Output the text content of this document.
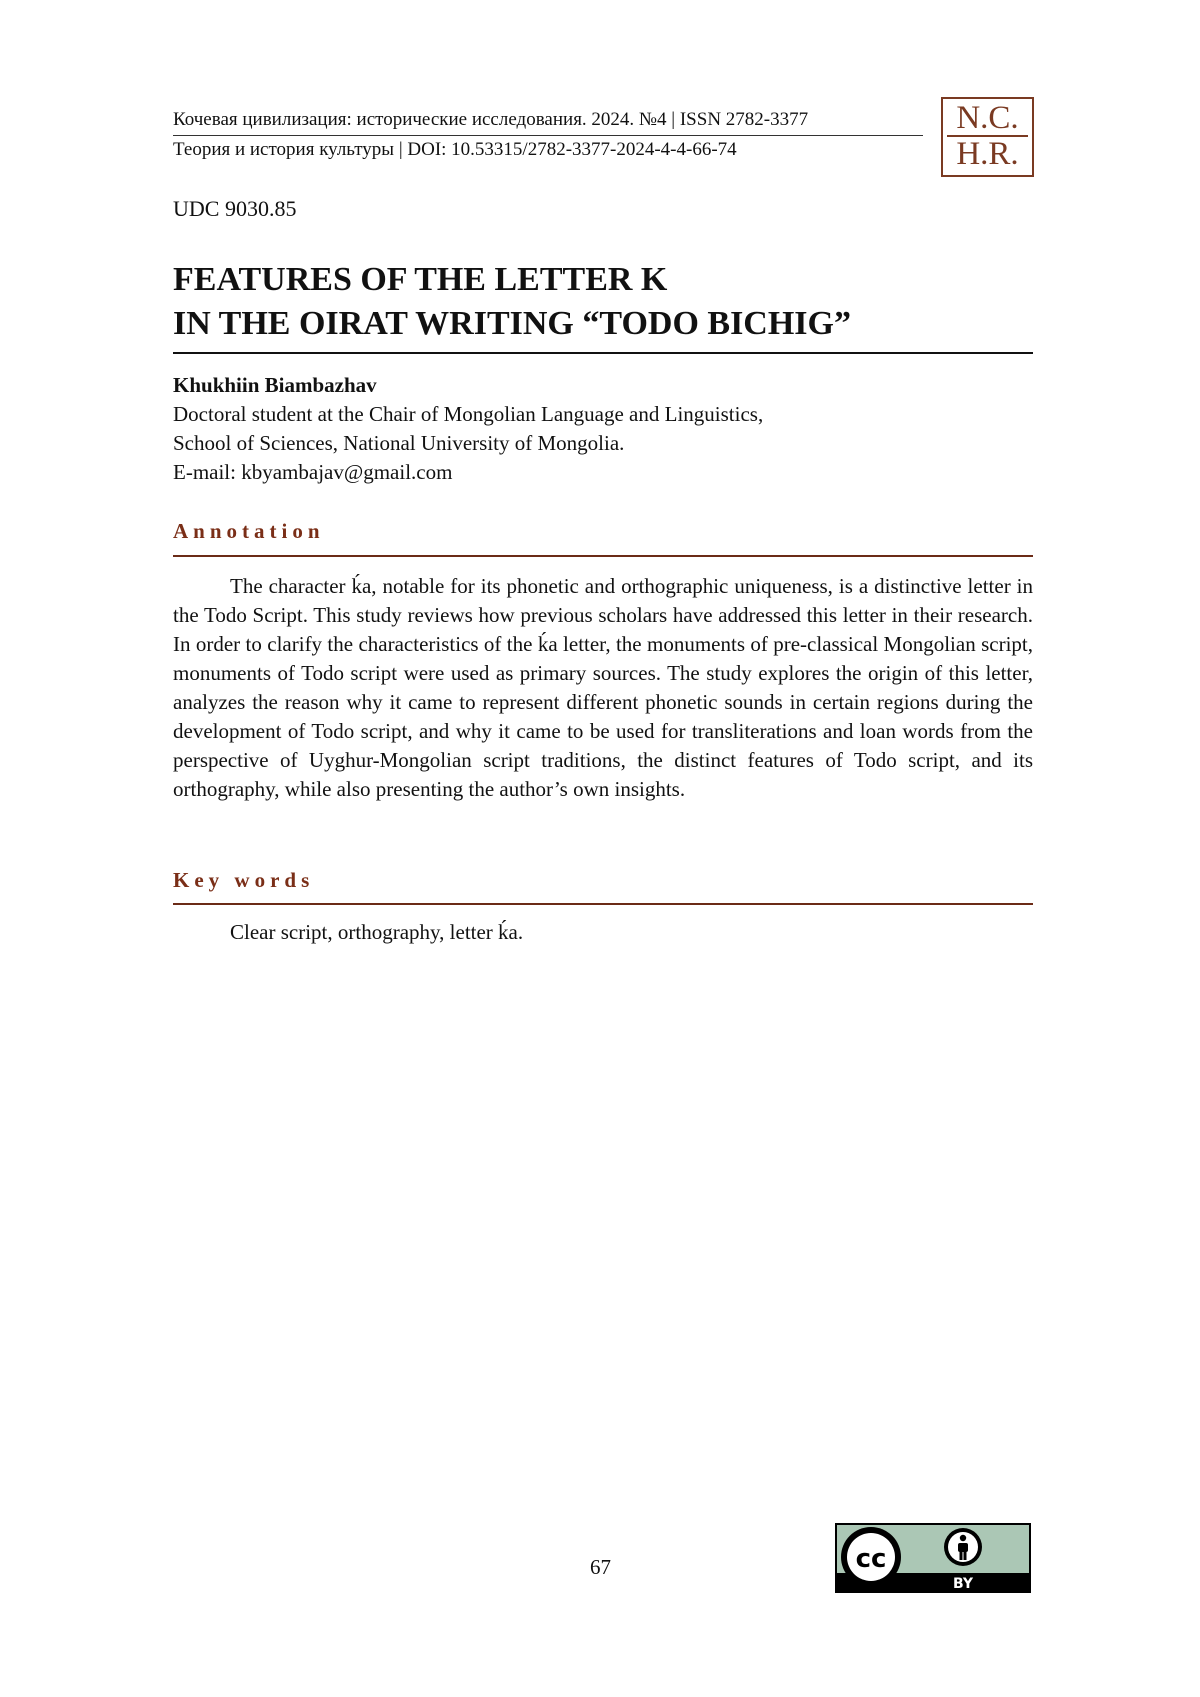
Кочевая цивилизация: исторические исследования. 2024. №4 | ISSN 2782-3377
Теория и история культуры | DOI: 10.53315/2782-3377-2024-4-4-66-74
N.C.
H.R.
UDC 9030.85
FEATURES OF THE LETTER K
IN THE OIRAT WRITING “TODO BICHIG”
Khukhiin Biambazhav
Doctoral student at the Chair of Mongolian Language and Linguistics,
School of Sciences, National University of Mongolia.
E-mail: kbyambajav@gmail.com
Annotation

The character ḱa, notable for its phonetic and orthographic uniqueness, is a distinctive letter in the Todo Script. This study reviews how previous scholars have addressed this letter in their research. In order to clarify the characteristics of the ḱa letter, the monuments of pre-classical Mongolian script, monuments of Todo script were used as primary sources. The study explores the origin of this letter, analyzes the reason why it came to represent different phonetic sounds in certain regions during the development of Todo script, and why it came to be used for transliterations and loan words from the perspective of Uyghur-Mongolian script traditions, the distinct features of Todo script, and its orthography, while also presenting the author’s own insights.

Key words
Clear script, orthography, letter ḱa.
67	cc
BY
